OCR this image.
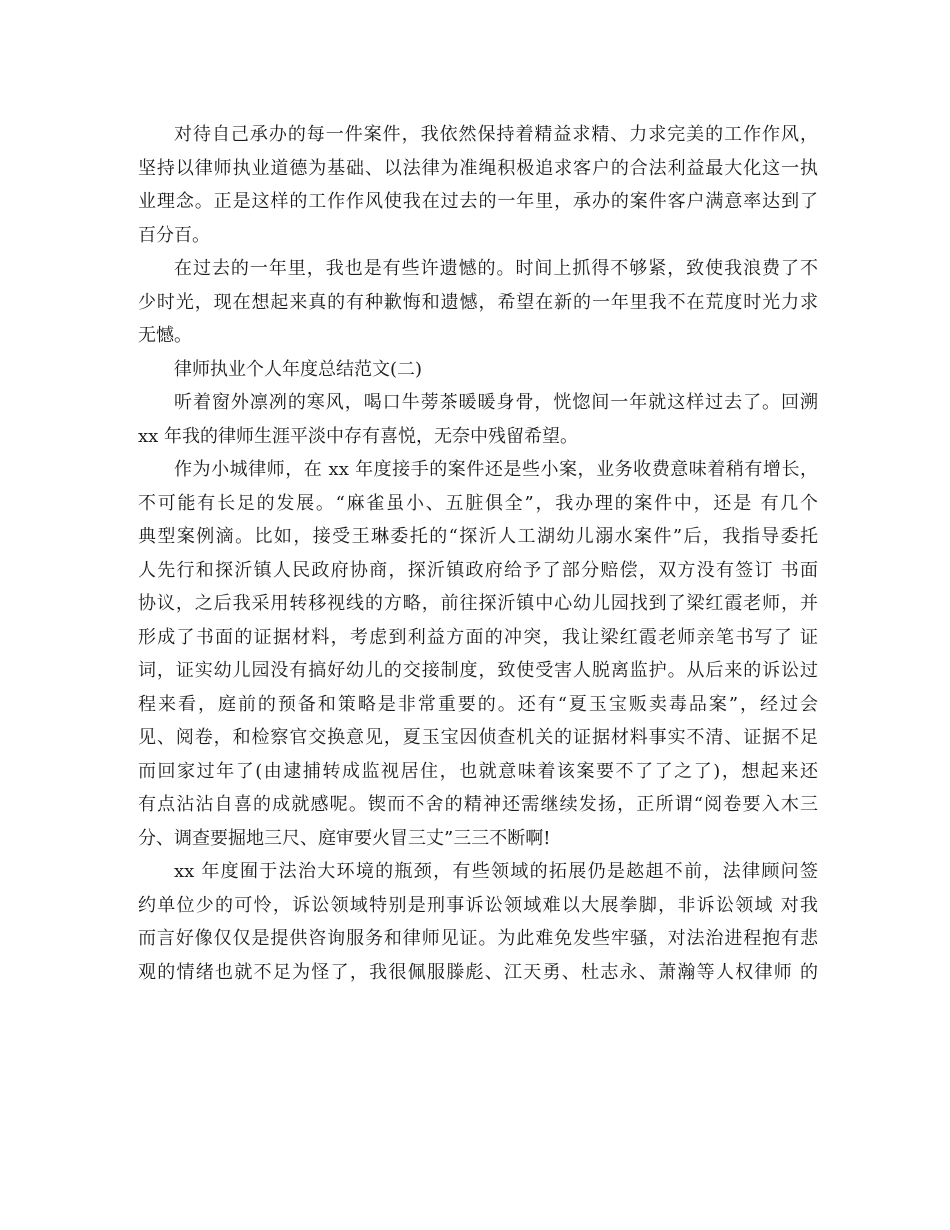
对待自己承办的每一件案件，我依然保持着精益求精、力求完美的工作作风，
坚持以律师执业道德为基础、以法律为准绳积极追求客户的合法利益最大化这一执
业理念。正是这样的工作作风使我在过去的一年里，承办的案件客户满意率达到了
百分百。
在过去的一年里，我也是有些许遗憾的。时间上抓得不够紧，致使我浪费了不
少时光，现在想起来真的有种歉悔和遗憾，希望在新的一年里我不在荒度时光力求
无憾。
律师执业个人年度总结范文(二)
听着窗外凛冽的寒风，喝口牛蒡茶暖暖身骨，恍惚间一年就这样过去了。回溯
xx 年我的律师生涯平淡中存有喜悦，无奈中残留希望。
作为小城律师，在 xx 年度接手的案件还是些小案，业务收费意味着稍有增长，
不可能有长足的发展。“麻雀虽小、五脏俱全”，我办理的案件中，还是 有几个
典型案例滴。比如，接受王琳委托的“探沂人工湖幼儿溺水案件”后，我指导委托
人先行和探沂镇人民政府协商，探沂镇政府给予了部分赔偿，双方没有签订 书面
协议，之后我采用转移视线的方略，前往探沂镇中心幼儿园找到了梁红霞老师，并
形成了书面的证据材料，考虑到利益方面的冲突，我让梁红霞老师亲笔书写了 证
词，证实幼儿园没有搞好幼儿的交接制度，致使受害人脱离监护。从后来的诉讼过
程来看，庭前的预备和策略是非常重要的。还有“夏玉宝贩卖毒品案”，经过会
见、阅卷，和检察官交换意见，夏玉宝因侦查机关的证据材料事实不清、证据不足
而回家过年了(由逮捕转成监视居住，也就意味着该案要不了了之了)，想起来还
有点沾沾自喜的成就感呢。锲而不舍的精神还需继续发扬，正所谓“阅卷要入木三
分、调查要掘地三尺、庭审要火冒三丈”三三不断啊!
xx 年度囿于法治大环境的瓶颈，有些领域的拓展仍是趑趄不前，法律顾问签
约单位少的可怜，诉讼领域特别是刑事诉讼领域难以大展拳脚，非诉讼领域 对我
而言好像仅仅是提供咨询服务和律师见证。为此难免发些牢骚，对法治进程抱有悲
观的情绪也就不足为怪了，我很佩服滕彪、江天勇、杜志永、萧瀚等人权律师 的
